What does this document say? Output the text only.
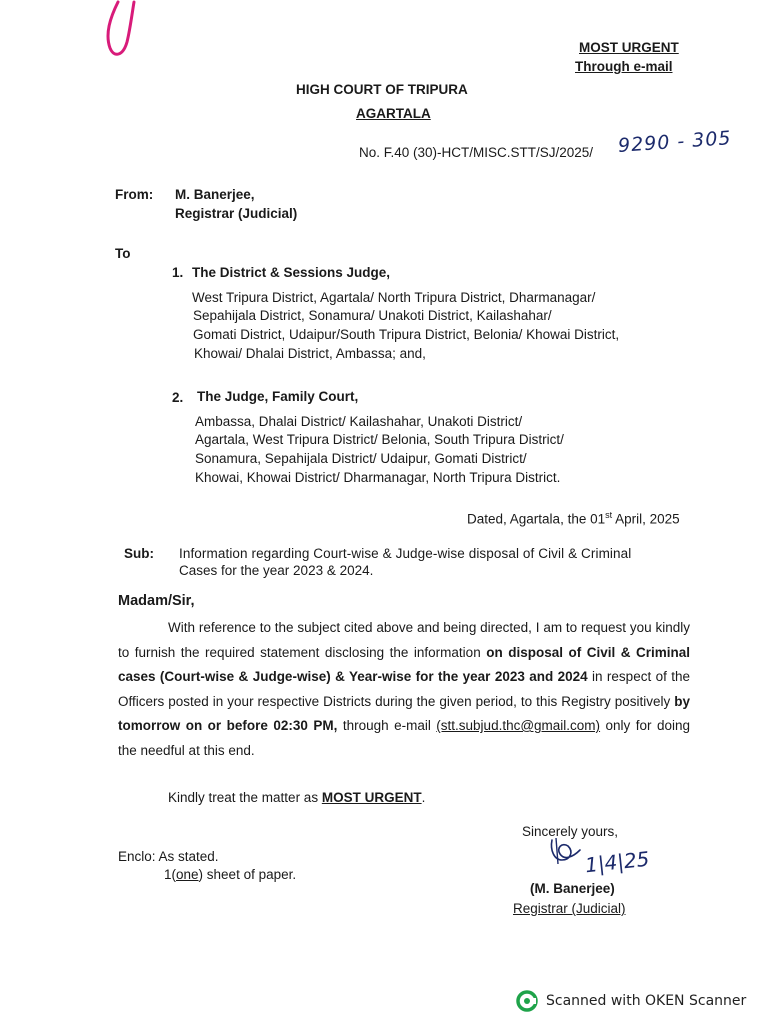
MOST URGENT
Through e-mail
HIGH COURT OF TRIPURA
AGARTALA
No. F.40 (30)-HCT/MISC.STT/SJ/2025/ 9290 - 305
From: M. Banerjee,
Registrar (Judicial)
To
1. The District & Sessions Judge,
West Tripura District, Agartala/ North Tripura District, Dharmanagar/
Sepahijala District, Sonamura/ Unakoti District, Kailashahar/
Gomati District, Udaipur/South Tripura District, Belonia/ Khowai District,
Khowai/ Dhalai District, Ambassa; and,
2. The Judge, Family Court,
Ambassa, Dhalai District/ Kailashahar, Unakoti District/
Agartala, West Tripura District/ Belonia, South Tripura District/
Sonamura, Sepahijala District/ Udaipur, Gomati District/
Khowai, Khowai District/ Dharmanagar, North Tripura District.
Dated, Agartala, the 01st April, 2025
Sub: Information regarding Court-wise & Judge-wise disposal of Civil & Criminal
Cases for the year 2023 & 2024.
Madam/Sir,
With reference to the subject cited above and being directed, I am to request you kindly to furnish the required statement disclosing the information on disposal of Civil & Criminal cases (Court-wise & Judge-wise) & Year-wise for the year 2023 and 2024 in respect of the Officers posted in your respective Districts during the given period, to this Registry positively by tomorrow on or before 02:30 PM, through e-mail (stt.subjud.thc@gmail.com) only for doing the needful at this end.
Kindly treat the matter as MOST URGENT.
Sincerely yours,
1|4|25
(M. Banerjee)
Registrar (Judicial)
Enclo: As stated.
1(one) sheet of paper.
Scanned with OKEN Scanner
